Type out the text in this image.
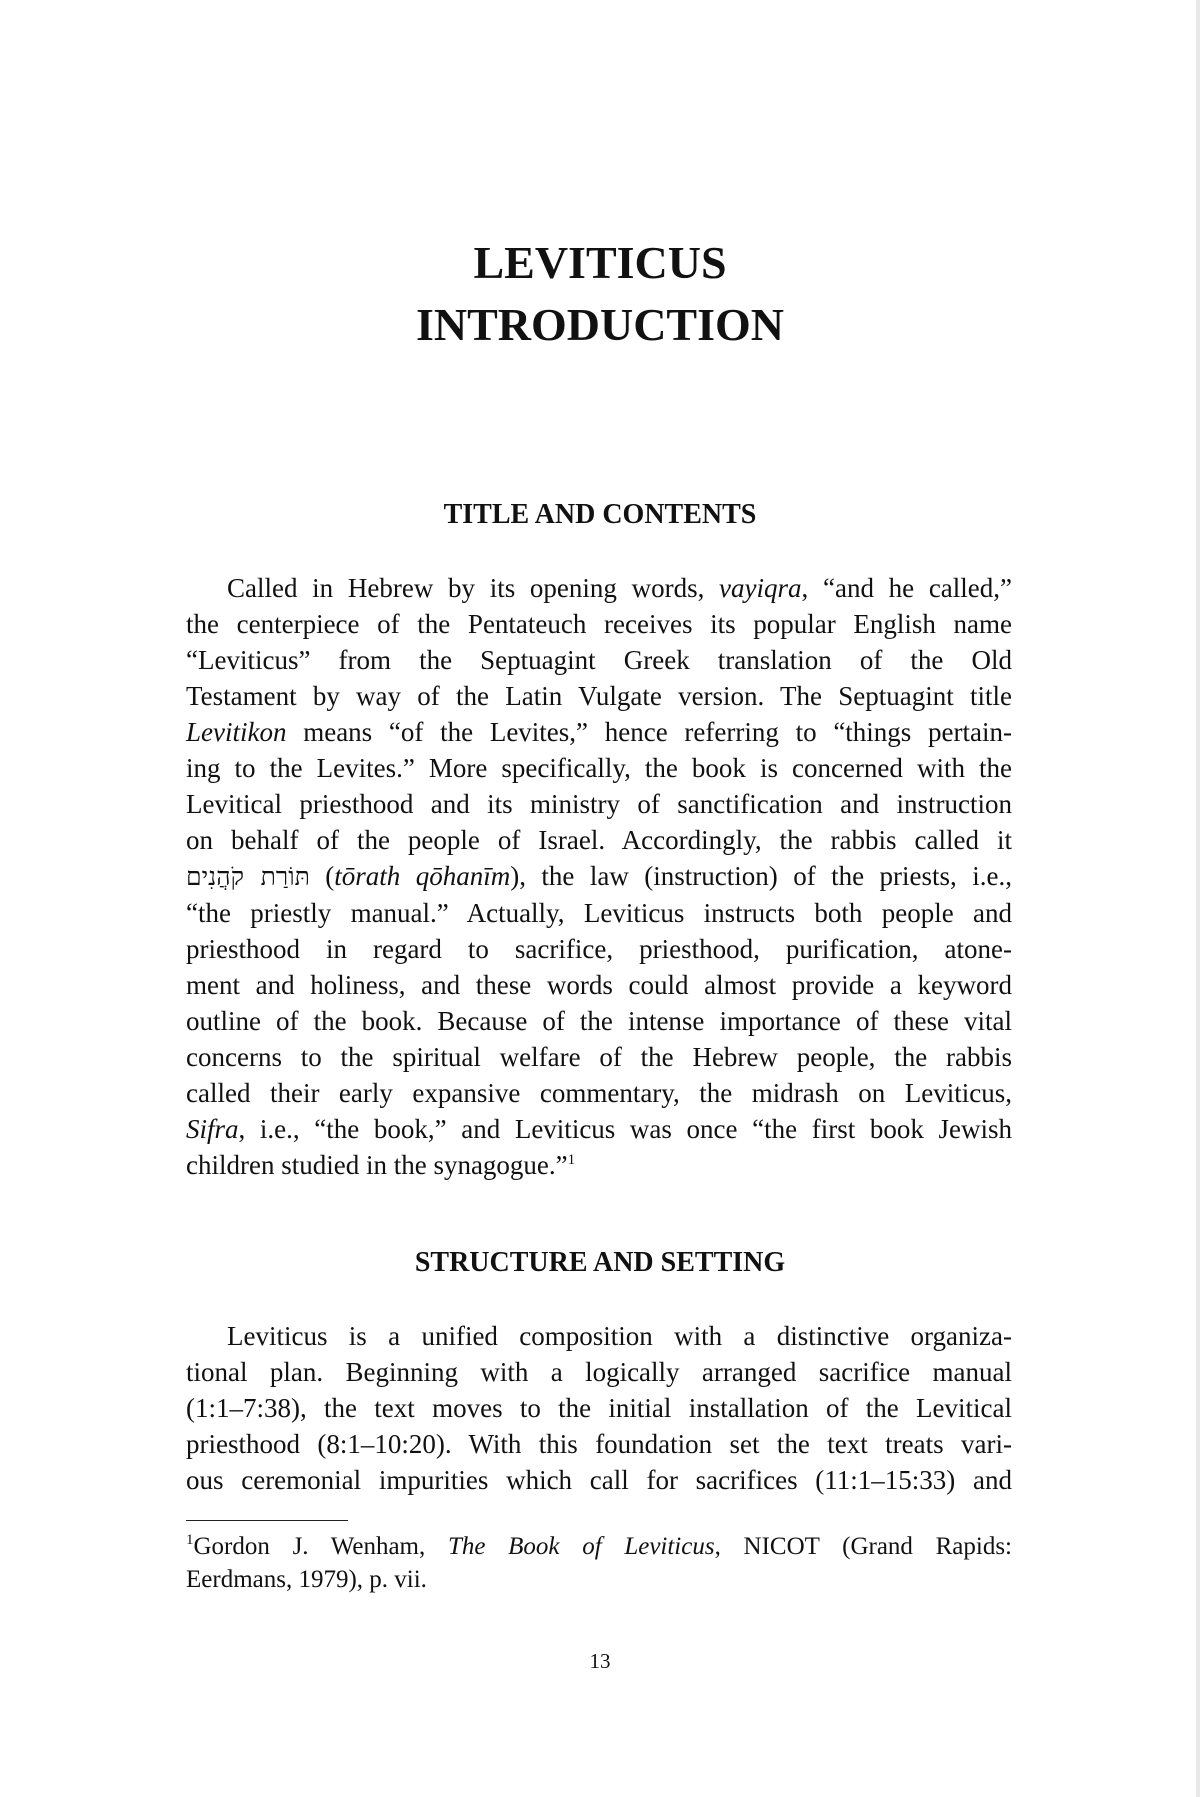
LEVITICUS
INTRODUCTION
TITLE AND CONTENTS

Called in Hebrew by its opening words, vayiqra, “and he called,”
the centerpiece of the Pentateuch receives its popular English name
“Leviticus” from the Septuagint Greek translation of the Old
Testament by way of the Latin Vulgate version. The Septuagint title
Levitikon means “of the Levites,” hence referring to “things pertain-
ing to the Levites.” More specifically, the book is concerned with the
Levitical priesthood and its ministry of sanctification and instruction
on behalf of the people of Israel. Accordingly, the rabbis called it
תּוֹרַת קֹהֲנִים (tōrath qōhanīm), the law (instruction) of the priests, i.e.,
“the priestly manual.” Actually, Leviticus instructs both people and
priesthood in regard to sacrifice, priesthood, purification, atone-
ment and holiness, and these words could almost provide a keyword
outline of the book. Because of the intense importance of these vital
concerns to the spiritual welfare of the Hebrew people, the rabbis
called their early expansive commentary, the midrash on Leviticus,
Sifra, i.e., “the book,” and Leviticus was once “the first book Jewish
children studied in the synagogue.”$^1$

STRUCTURE AND SETTING

Leviticus is a unified composition with a distinctive organiza-
tional plan. Beginning with a logically arranged sacrifice manual
(1:1–7:38), the text moves to the initial installation of the Levitical
priesthood (8:1–10:20). With this foundation set the text treats vari-
ous ceremonial impurities which call for sacrifices (11:1–15:33) and

$^1$Gordon J. Wenham, The Book of Leviticus, NICOT (Grand Rapids:
Eerdmans, 1979), p. vii.

13
